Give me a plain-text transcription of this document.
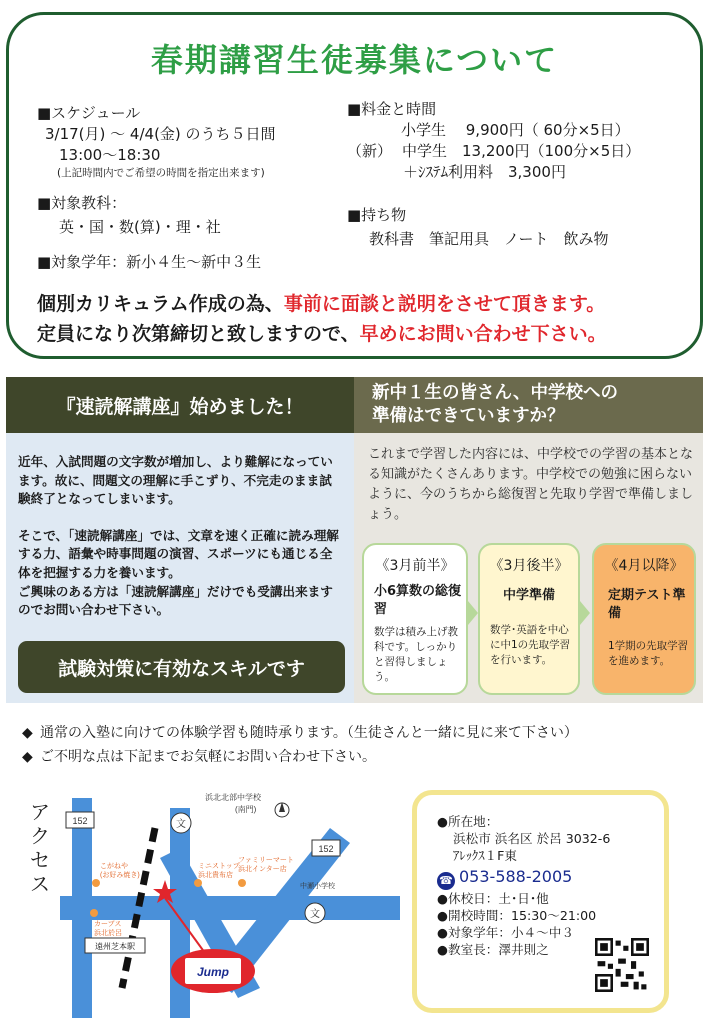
春期講習生徒募集について
■スケジュール
3/17(月) 〜 4/4(金) のうち５日間
13:00〜18:30
(上記時間内でご希望の時間を指定出来ます)
■対象教科：
英・国・数(算)・理・社
■対象学年：新小４生〜新中３生
■料金と時間
小学生　 9,900円（ 60分×5日）
（新） 中学生　13,200円（100分×5日）
＋ｼｽﾃﾑ利用料　3,300円
■持ち物
教科書　筆記用具　ノート　飲み物
個別カリキュラム作成の為、事前に面談と説明をさせて頂きます。
定員になり次第締切と致しますので、早めにお問い合わせ下さい。
『速読解講座』始めました！

近年、入試問題の文字数が増加し、より難解になっています。故に、問題文の理解に手こずり、不完走のまま試験終了となってしまいます。

そこで、「速読解講座」では、文章を速く正確に読み理解する力、語彙や時事問題の演習、スポーツにも通じる全体を把握する力を養います。

ご興味のある方は「速読解講座」だけでも受講出来ますのでお問い合わせ下さい。

試験対策に有効なスキルです
新中１生の皆さん、中学校への
準備はできていますか？
これまで学習した内容には、中学校での学習の基本となる知識がたくさんあります。中学校での勉強に困らないように、今のうちから総復習と先取り学習で準備しましょう。
《3月前半》
小6算数の総復習
数学は積み上げ教科です。しっかりと習得しましょう。
《3月後半》
中学準備
数学･英語を中心に中1の先取学習を行います。
《4月以降》
定期テスト準備
1学期の先取学習を進めます。
◆ 通常の入塾に向けての体験学習も随時承ります。（生徒さんと一緒に見に来て下さい）
◆ ご不明な点は下記までお気軽にお問い合わせ下さい。
アクセス
152
152
浜北北部中学校
(南門)
文
文
中瀬小学校
こがねや(お好み焼き)
ミニストップ浜北貴布店
ファミリーマート浜北インター店
カーブス浜北於呂
遠州芝本駅
Jump
●所在地：
浜松市 浜名区 於呂 3032-6
ｱﾚｯｸｽ１F東
☎ 053-588-2005
●休校日：土･日･他
●開校時間：15:30〜21:00
●対象学年：小４〜中３
●教室長：澤井則之
